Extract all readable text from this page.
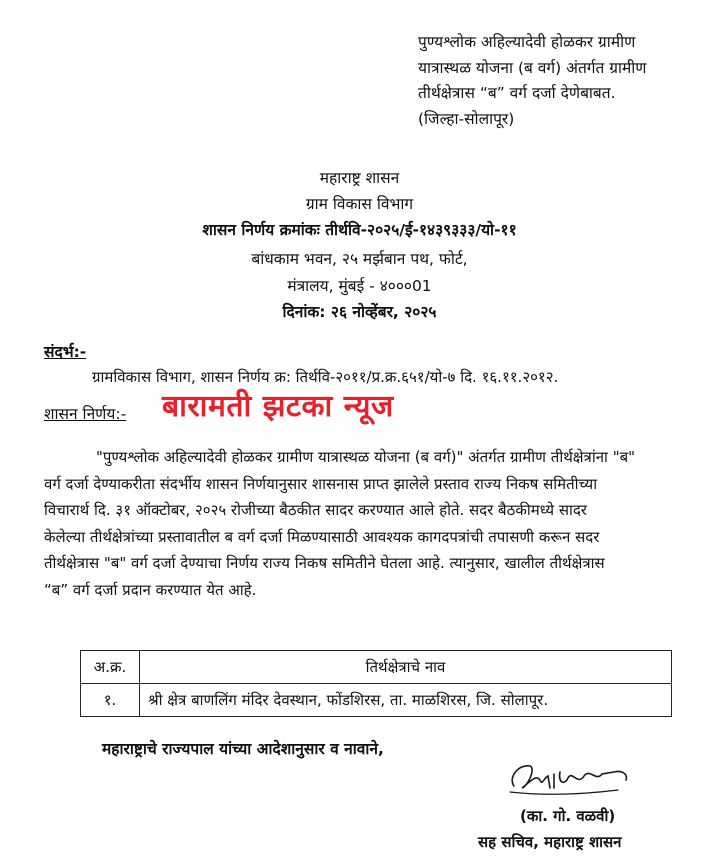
पुण्यश्लोक अहिल्यादेवी होळकर ग्रामीण
यात्रास्थळ योजना (ब वर्ग) अंतर्गत ग्रामीण
तीर्थक्षेत्रास “ब” वर्ग दर्जा देणेबाबत.
(जिल्हा-सोलापूर)
महाराष्ट्र शासन
ग्राम विकास विभाग
शासन निर्णय क्रमांकः तीर्थवि-२०२५/ई-१४३९३३३/यो-११
बांधकाम भवन, २५ मर्झबान पथ, फोर्ट,
मंत्रालय, मुंबई - ४०००01
दिनांक: २६ नोव्हेंबर, २०२५
संदर्भ:-
ग्रामविकास विभाग, शासन निर्णय क्र: तिर्थवि-२०११/प्र.क्र.६५१/यो-७ दि. १६.११.२०१२.
शासन निर्णय:- बारामती झटका न्यूज
"पुण्यश्लोक अहिल्यादेवी होळकर ग्रामीण यात्रास्थळ योजना (ब वर्ग)" अंतर्गत ग्रामीण तीर्थक्षेत्रांना "ब"
वर्ग दर्जा देण्याकरीता संदर्भीय शासन निर्णयानुसार शासनास प्राप्त झालेले प्रस्ताव राज्य निकष समितीच्या
विचारार्थ दि. ३१ ऑक्टोबर, २०२५ रोजीच्या बैठकीत सादर करण्यात आले होते. सदर बैठकीमध्ये सादर
केलेल्या तीर्थक्षेत्रांच्या प्रस्तावातील ब वर्ग दर्जा मिळण्यासाठी आवश्यक कागदपत्रांची तपासणी करून सदर
तीर्थक्षेत्रास "ब" वर्ग दर्जा देण्याचा निर्णय राज्य निकष समितीने घेतला आहे. त्यानुसार, खालील तीर्थक्षेत्रास
“ब” वर्ग दर्जा प्रदान करण्यात येत आहे.
अ.क्र.	तिर्थक्षेत्राचे नाव
१.	श्री क्षेत्र बाणलिंग मंदिर देवस्थान, फोंडशिरस, ता. माळशिरस, जि. सोलापूर.
महाराष्ट्राचे राज्यपाल यांच्या आदेशानुसार व नावाने,
(का. गो. वळवी)
सह सचिव, महाराष्ट्र शासन
